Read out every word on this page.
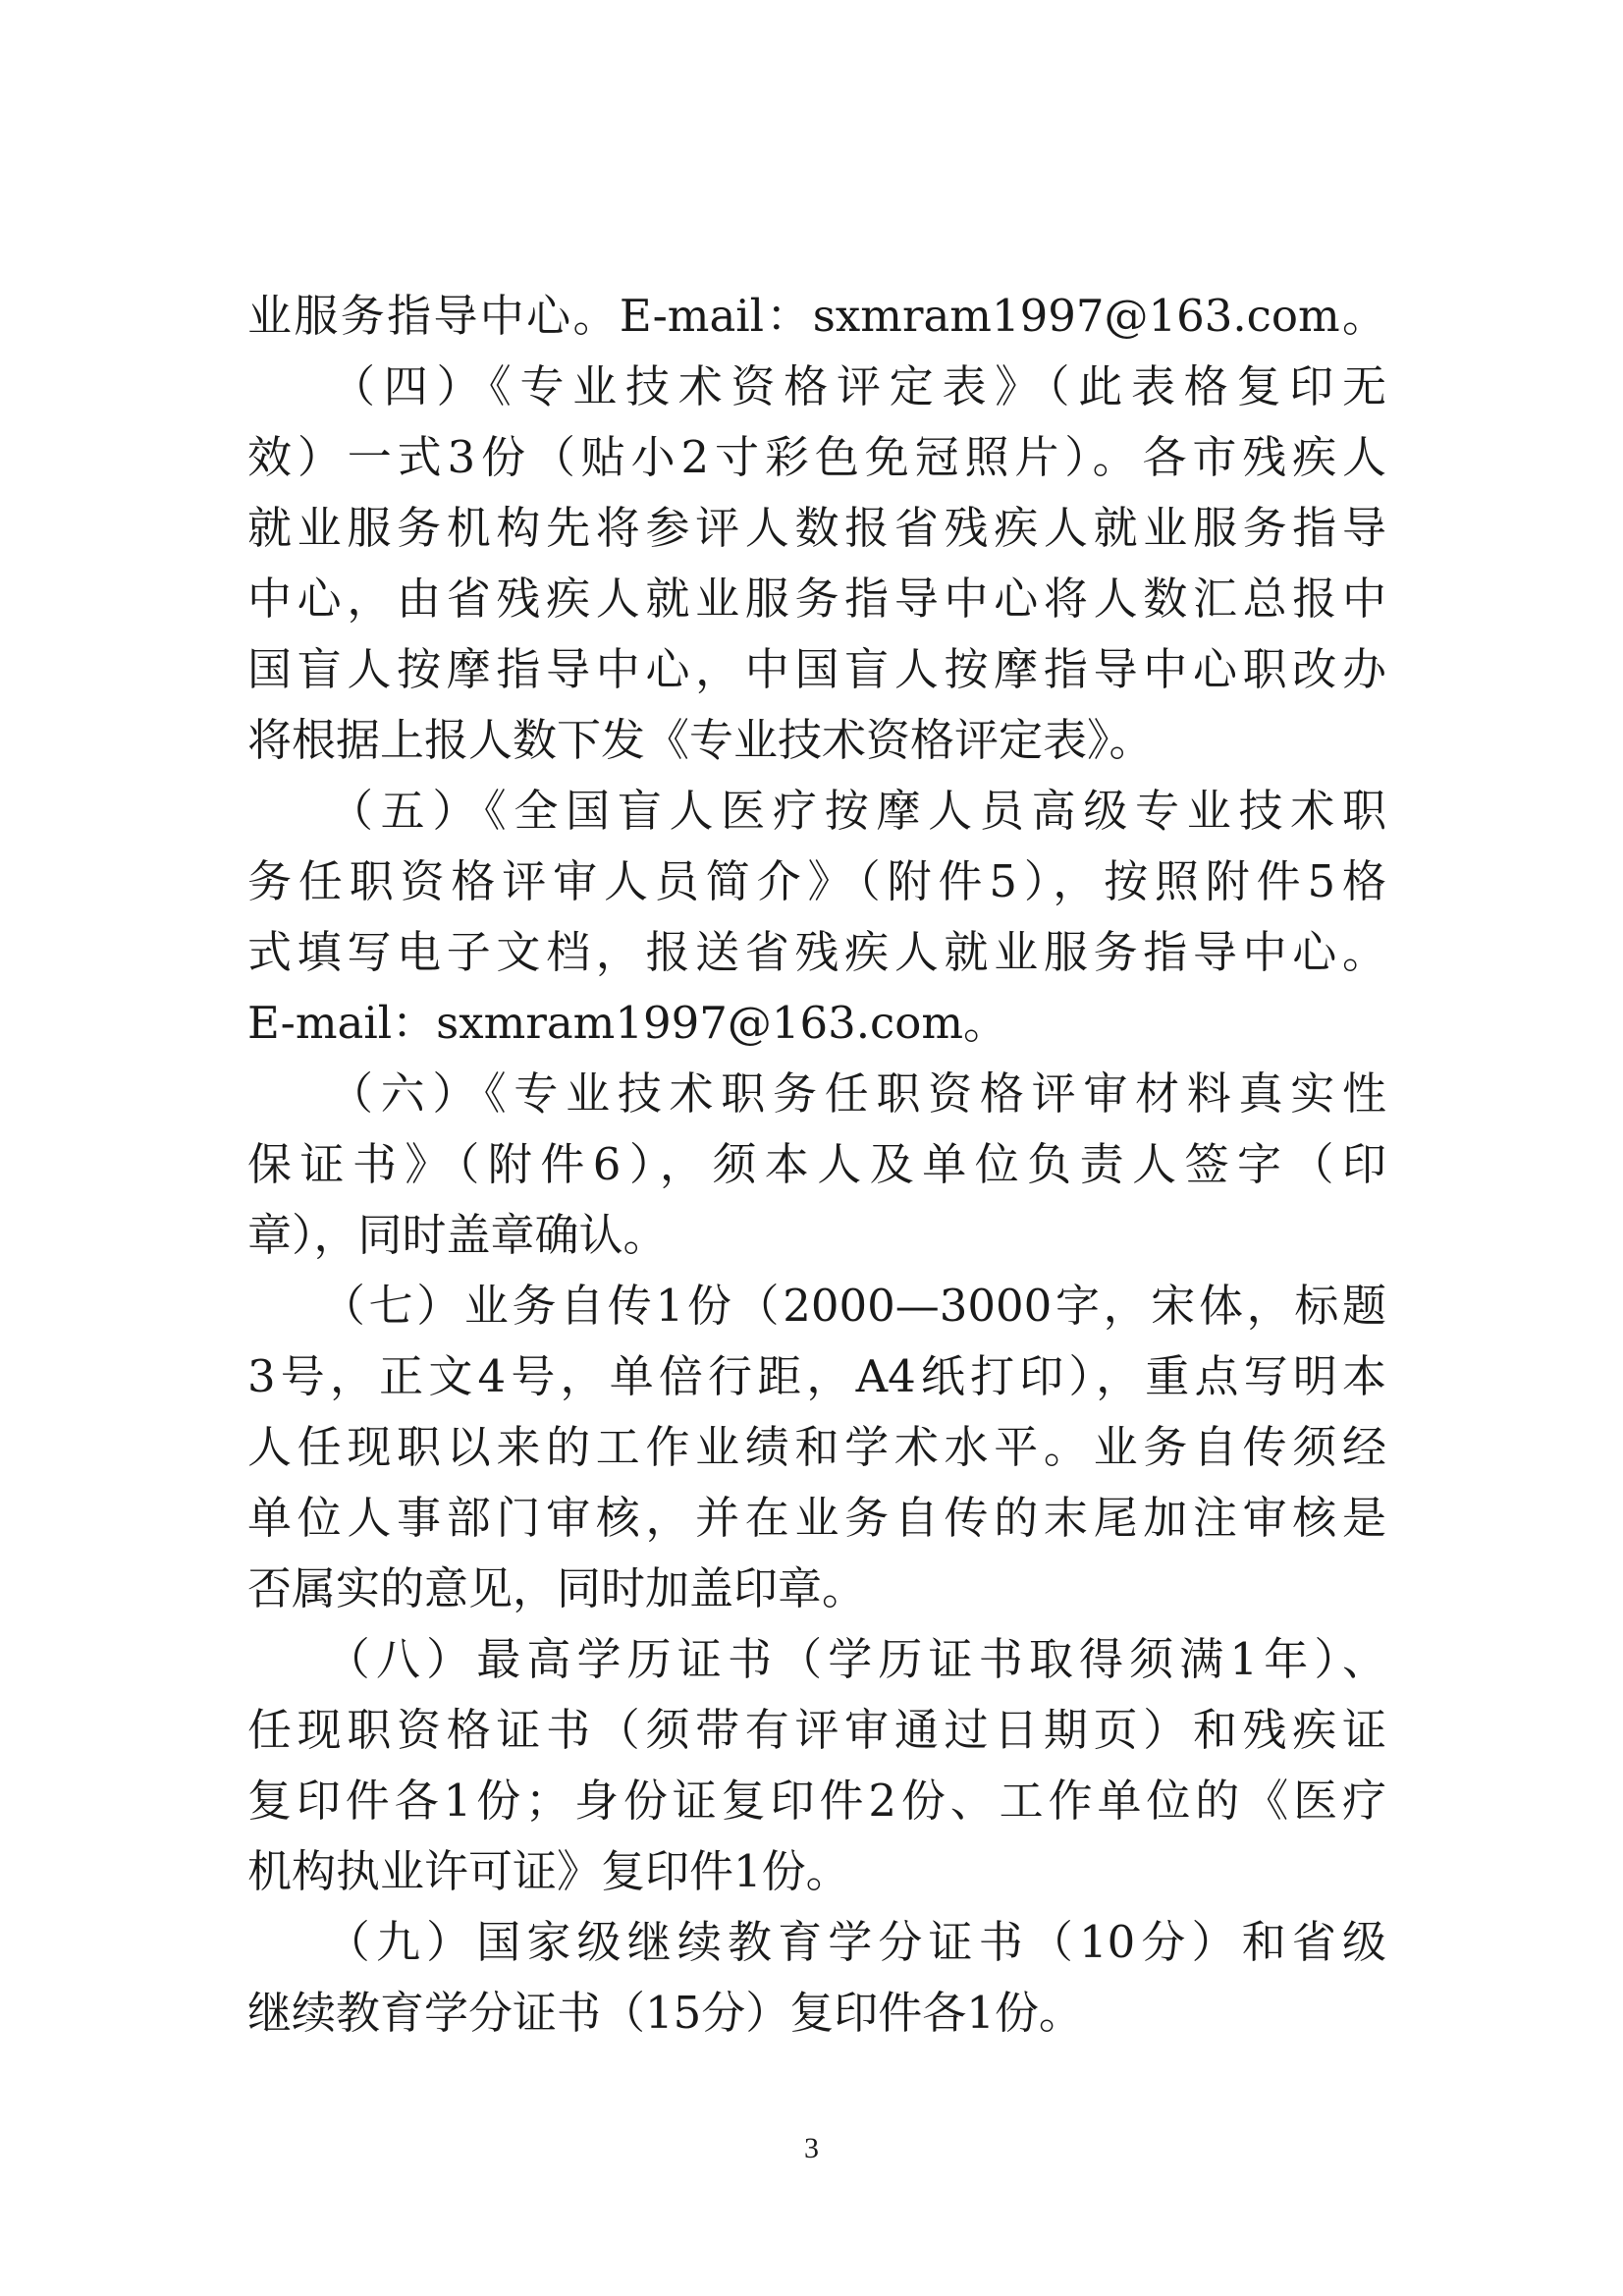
业服务指导中心。E-mail：sxmram1997@163.com。
　　（四）《专业技术资格评定表》（此表格复印无
效）一式3份（贴小2寸彩色免冠照片）。各市残疾人
就业服务机构先将参评人数报省残疾人就业服务指导
中心，由省残疾人就业服务指导中心将人数汇总报中
国盲人按摩指导中心，中国盲人按摩指导中心职改办
将根据上报人数下发《专业技术资格评定表》。
　　（五）《全国盲人医疗按摩人员高级专业技术职
务任职资格评审人员简介》（附件5），按照附件5格
式填写电子文档，报送省残疾人就业服务指导中心。
E-mail：sxmram1997@163.com。
　　（六）《专业技术职务任职资格评审材料真实性
保证书》（附件6），须本人及单位负责人签字（印
章），同时盖章确认。
　　（七）业务自传1份（2000—3000字，宋体，标题
3号，正文4号，单倍行距，A4纸打印），重点写明本
人任现职以来的工作业绩和学术水平。业务自传须经
单位人事部门审核，并在业务自传的末尾加注审核是
否属实的意见，同时加盖印章。
　　（八）最高学历证书（学历证书取得须满1年）、
任现职资格证书（须带有评审通过日期页）和残疾证
复印件各1份；身份证复印件2份、工作单位的《医疗
机构执业许可证》复印件1份。
　　（九）国家级继续教育学分证书（10分）和省级
继续教育学分证书（15分）复印件各1份。
3
